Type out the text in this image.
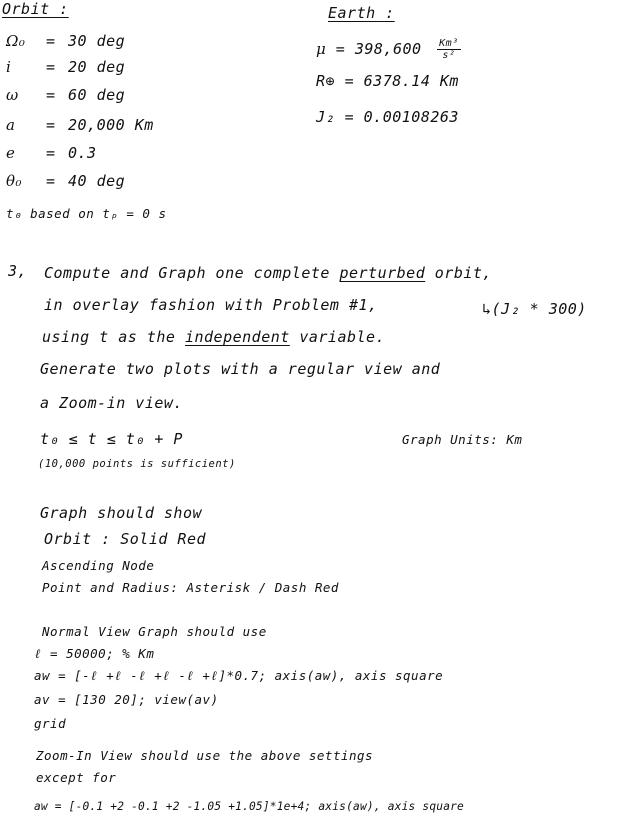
Orbit :
Ω₀ = 30 deg
i = 20 deg
ω = 60 deg
a = 20,000 Km
e = 0.3
θ₀ = 40 deg
t₀ based on tₚ = 0 s
Earth :
$\mu = 398,600 \frac{\text{Km³}}{\text{s²}}$
R⊕ = 6378.14 Km
J₂ = 0.00108263
3, Compute and Graph one complete perturbed orbit,
in overlay fashion with Problem #1,	↳(J₂ * 300)
using t as the independent variable.
Generate two plots with a regular view and
a Zoom-in view.
t₀ ≤ t ≤ t₀ + P	Graph Units: Km
(10,000 points is sufficient)
Graph should show
Orbit : Solid Red
Ascending Node
Point and Radius: Asterisk / Dash Red
Normal View Graph should use
ℓ = 50000; % Km
aw = [-ℓ +ℓ -ℓ +ℓ -ℓ +ℓ]*0.7; axis(aw), axis square
av = [130 20]; view(av)
grid
Zoom-In View should use the above settings
except for
aw = [-0.1 +2 -0.1 +2 -1.05 +1.05]*1e+4; axis(aw), axis square
